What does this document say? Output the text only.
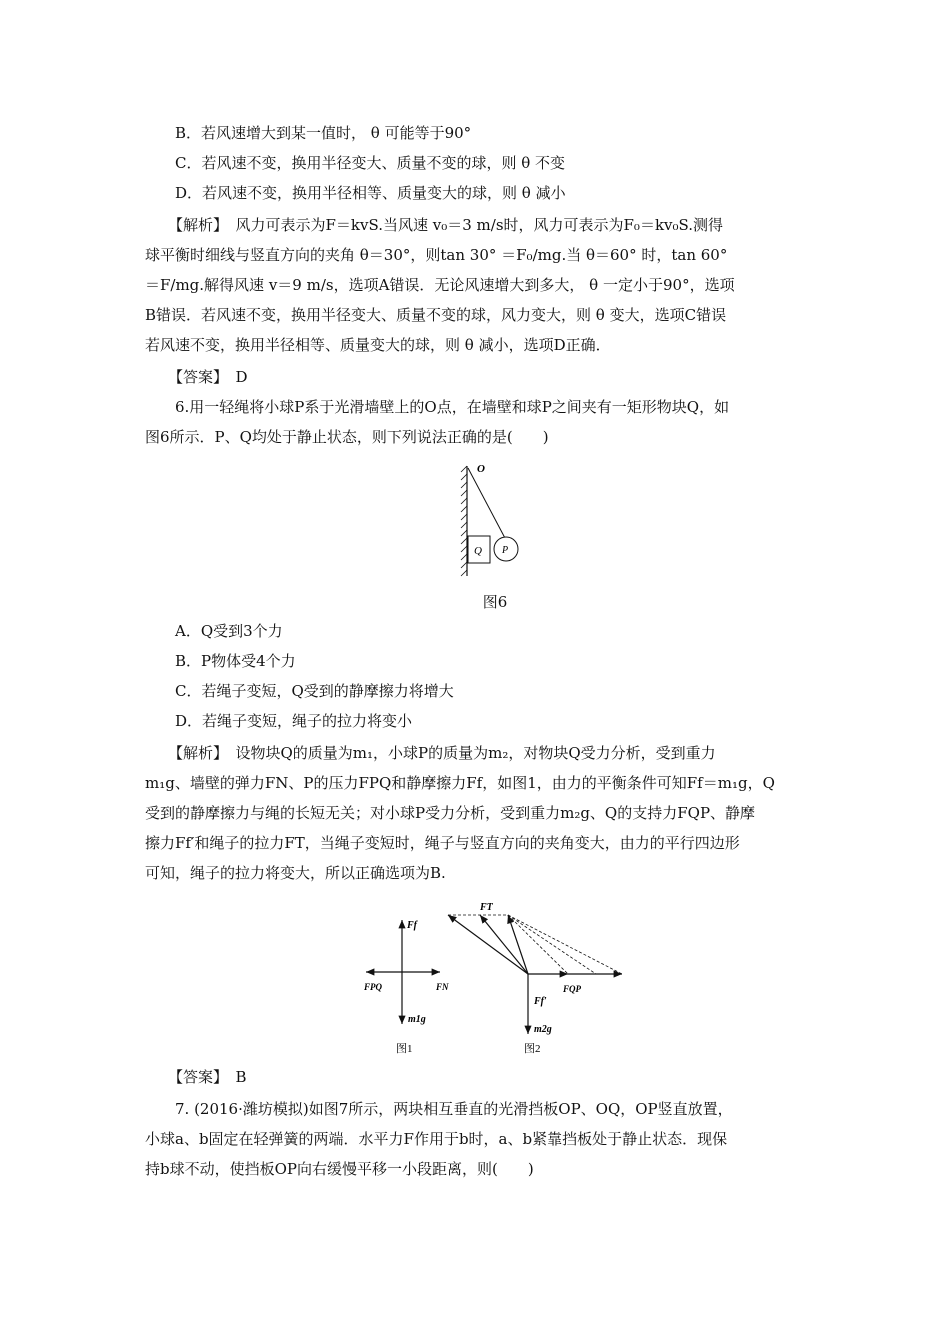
B．若风速增大到某一值时， θ 可能等于90°
C．若风速不变，换用半径变大、质量不变的球，则 θ 不变
D．若风速不变，换用半径相等、质量变大的球，则 θ 减小
【解析】　风力可表示为F＝kvS.当风速 v₀＝3 m/s时，风力可表示为F₀＝kv₀S.测得
球平衡时细线与竖直方向的夹角 θ＝30°，则tan 30° ＝F₀/mg.当 θ＝60° 时，tan 60°
＝F/mg.解得风速 v＝9 m/s，选项A错误．无论风速增大到多大， θ 一定小于90°，选项
B错误．若风速不变，换用半径变大、质量不变的球，风力变大，则 θ 变大，选项C错误
若风速不变，换用半径相等、质量变大的球，则 θ 减小，选项D正确．
【答案】　D
6.用一轻绳将小球P系于光滑墙壁上的O点，在墙壁和球P之间夹有一矩形物块Q，如
图6所示．P、Q均处于静止状态，则下列说法正确的是(　　)
O
Q P
图6
A．Q受到3个力
B．P物体受4个力
C．若绳子变短，Q受到的静摩擦力将增大
D．若绳子变短，绳子的拉力将变小
【解析】　设物块Q的质量为m₁，小球P的质量为m₂，对物块Q受力分析，受到重力
m₁g、墙壁的弹力FN、P的压力FPQ和静摩擦力Ff，如图1，由力的平衡条件可知Ff＝m₁g，Q
受到的静摩擦力与绳的长短无关；对小球P受力分析，受到重力m₂g、Q的支持力FQP、静摩
擦力Ff′和绳子的拉力FT，当绳子变短时，绳子与竖直方向的夹角变大，由力的平行四边形
可知，绳子的拉力将变大，所以正确选项为B.
Ff
FPQ	FN
m1g
图1
FT
FQP
Ff′
m2g
图2
【答案】　B
7. (2016·潍坊模拟)如图7所示，两块相互垂直的光滑挡板OP、OQ，OP竖直放置，
小球a、b固定在轻弹簧的两端．水平力F作用于b时，a、b紧靠挡板处于静止状态．现保
持b球不动，使挡板OP向右缓慢平移一小段距离，则(　　)
